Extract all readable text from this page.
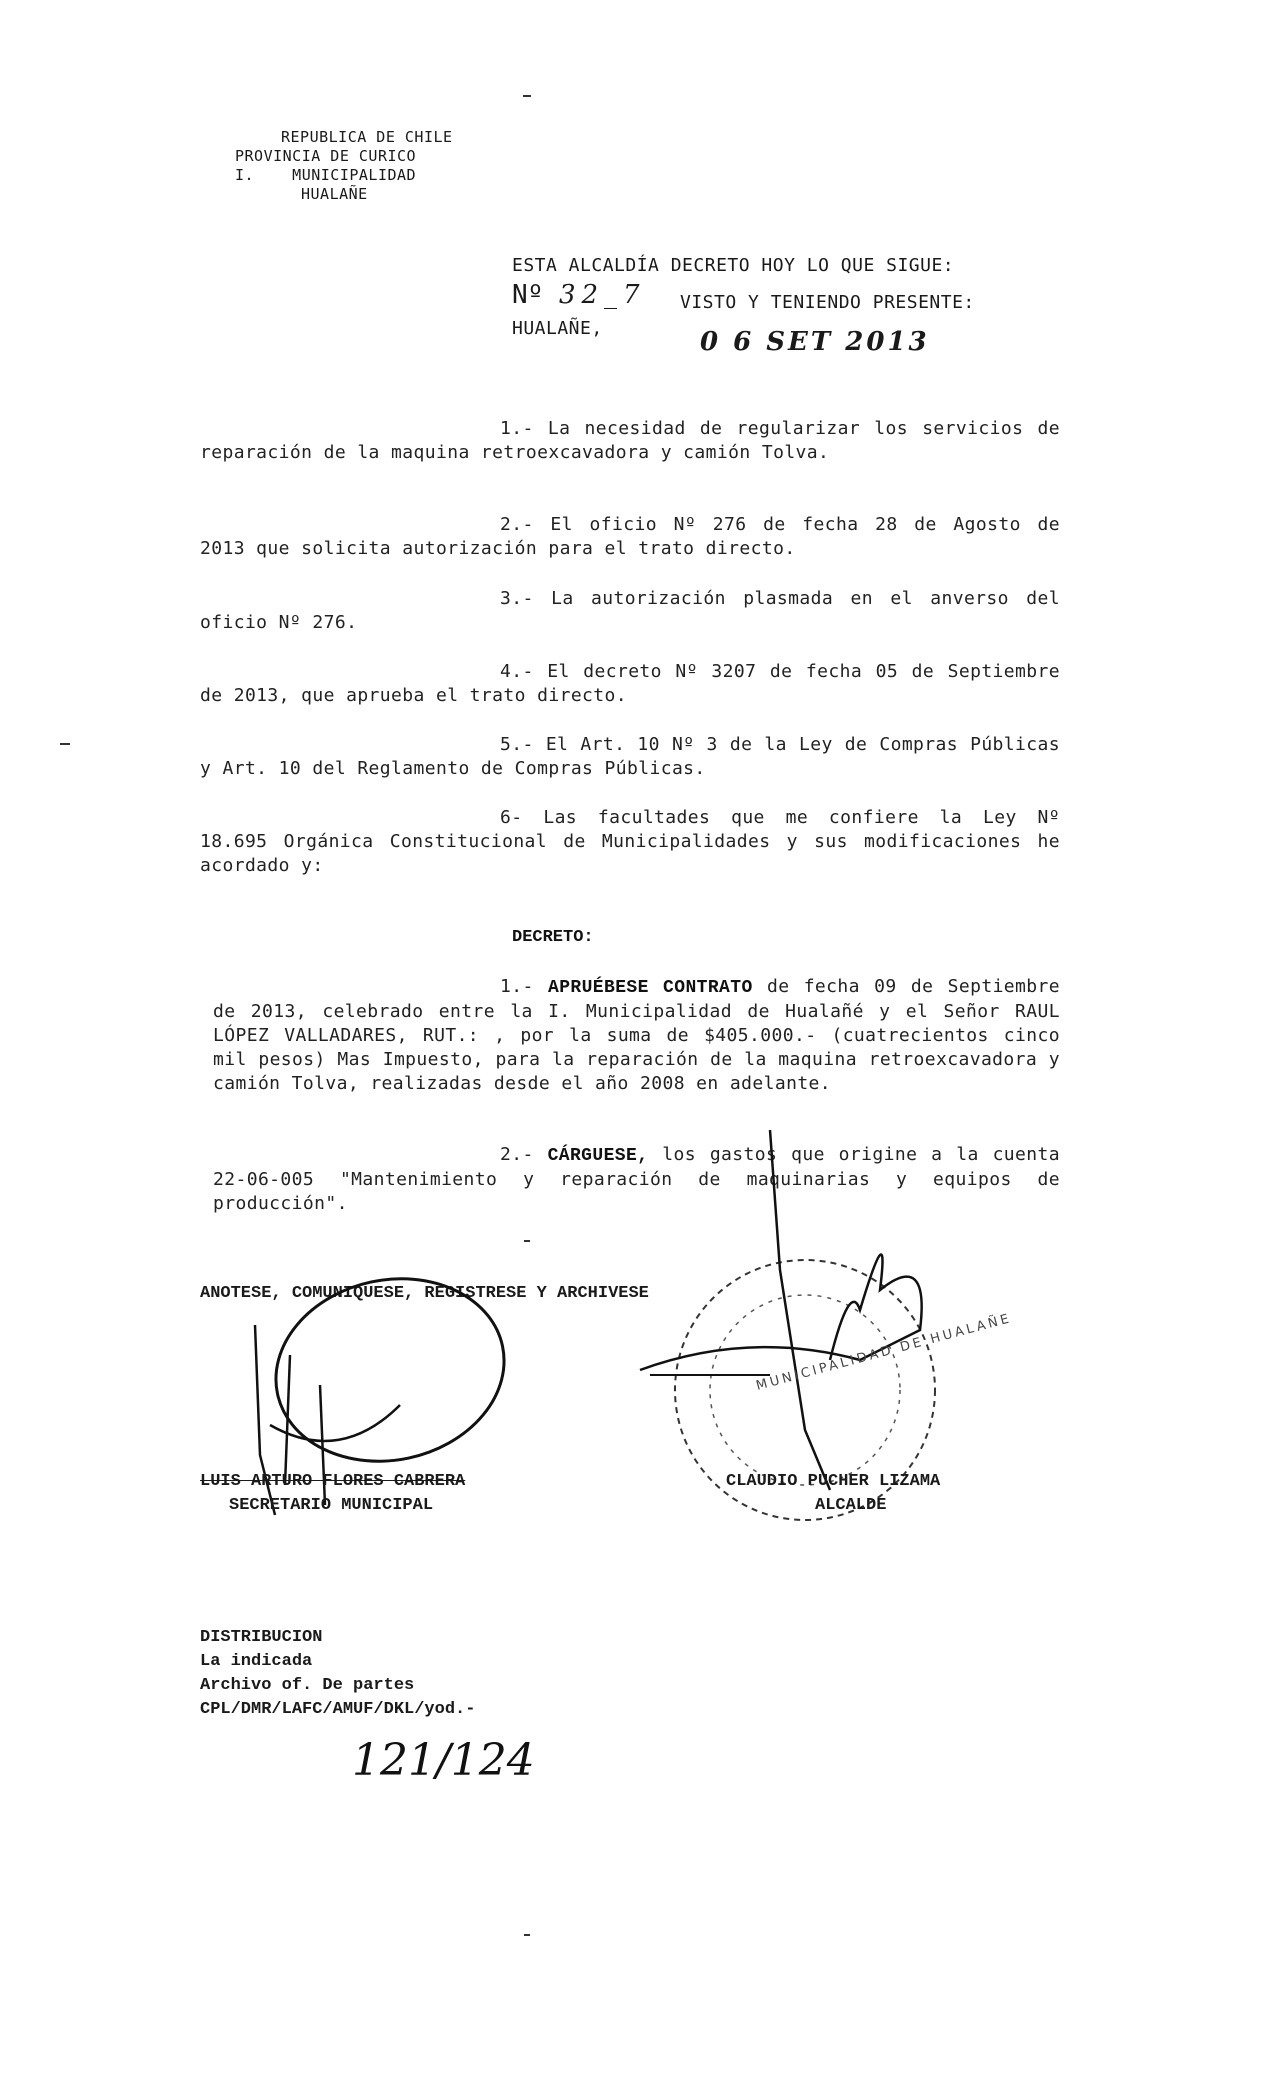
REPUBLICA DE CHILE
PROVINCIA DE CURICO
I.    MUNICIPALIDAD
HUALAÑE
ESTA ALCALDÍA DECRETO HOY LO QUE SIGUE:
Nº 32_7 VISTO Y TENIENDO PRESENTE:
HUALAÑE,	0 6 SET 2013
1.- La necesidad de regularizar los servicios de reparación de la maquina retroexcavadora y camión Tolva.
2.- El oficio Nº 276 de fecha 28 de Agosto de 2013 que solicita autorización para el trato directo.
3.- La autorización plasmada en el anverso del oficio Nº 276.
4.- El decreto Nº 3207 de fecha 05 de Septiembre de 2013, que aprueba el trato directo.
5.- El Art. 10 Nº 3 de la Ley de Compras Públicas y Art. 10 del Reglamento de Compras Públicas.
6- Las facultades que me confiere la Ley Nº 18.695 Orgánica Constitucional de Municipalidades y sus modificaciones he acordado y:
DECRETO:
1.- APRUÉBESE CONTRATO de fecha 09 de Septiembre de 2013, celebrado entre la I. Municipalidad de Hualañé y el Señor RAUL LÓPEZ VALLADARES, RUT.: , por la suma de $405.000.- (cuatrecientos cinco mil pesos) Mas Impuesto, para la reparación de la maquina retroexcavadora y camión Tolva, realizadas desde el año 2008 en adelante.
2.- CÁRGUESE, los gastos que origine a la cuenta 22-06-005 "Mantenimiento y reparación de maquinarias y equipos de producción".
ANOTESE, COMUNIQUESE, REGISTRESE Y ARCHIVESE
MUNICIPALIDAD DE HUALAÑE
LUIS ARTURO FLORES CABRERA
SECRETARIO MUNICIPAL
CLAUDIO PUCHER LIZAMA
ALCALDE
DISTRIBUCION
La indicada
Archivo of. De partes
CPL/DMR/LAFC/AMUF/DKL/yod.-
121/124
